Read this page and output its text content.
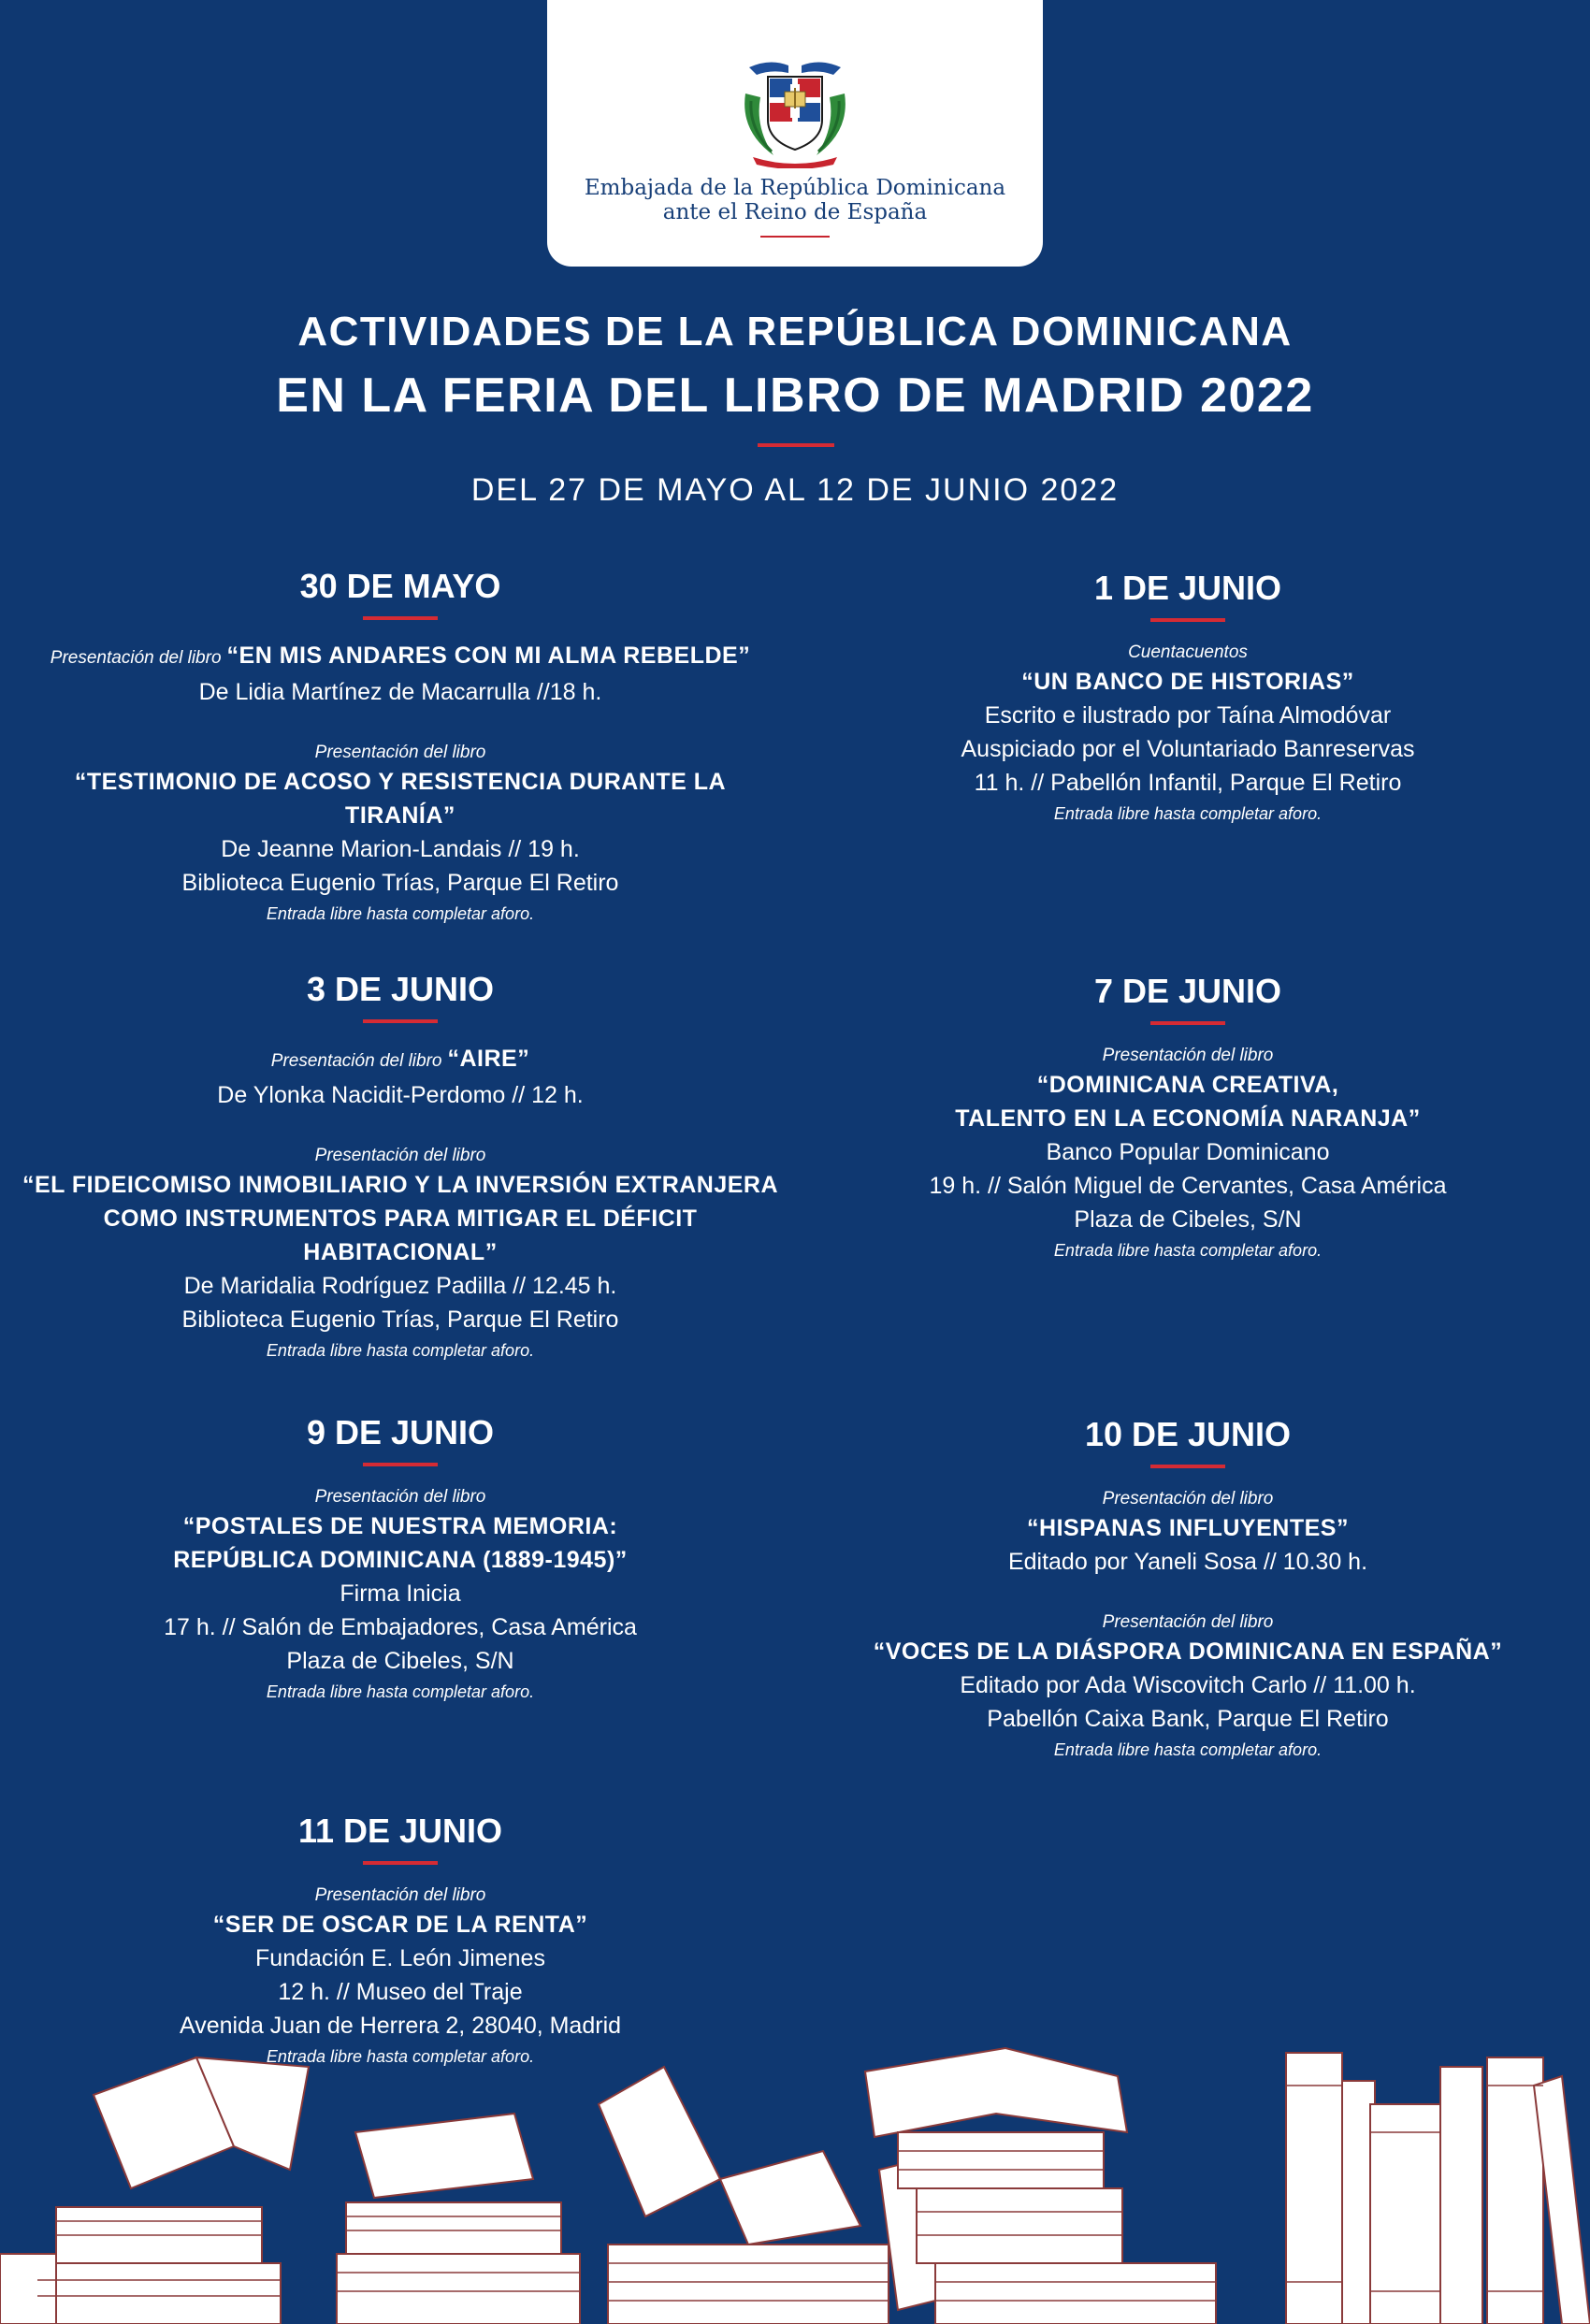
Embajada de la República Dominicana
ante el Reino de España
ACTIVIDADES DE LA REPÚBLICA DOMINICANA
EN LA FERIA DEL LIBRO DE MADRID 2022
DEL 27 DE MAYO AL 12 DE JUNIO 2022
30 DE MAYO
Presentación del libro “EN MIS ANDARES CON MI ALMA REBELDE”
De Lidia Martínez de Macarrulla //18 h.
Presentación del libro
“TESTIMONIO DE ACOSO Y RESISTENCIA DURANTE LA TIRANÍA”
De Jeanne Marion-Landais // 19 h.
Biblioteca Eugenio Trías, Parque El Retiro
Entrada libre hasta completar aforo.
1 DE JUNIO
Cuentacuentos
“UN BANCO DE HISTORIAS”
Escrito e ilustrado por Taína Almodóvar
Auspiciado por el Voluntariado Banreservas
11 h. // Pabellón Infantil, Parque El Retiro
Entrada libre hasta completar aforo.
3 DE JUNIO
Presentación del libro “AIRE”
De Ylonka Nacidit-Perdomo // 12 h.
Presentación del libro
“EL FIDEICOMISO INMOBILIARIO Y LA INVERSIÓN EXTRANJERA
COMO INSTRUMENTOS PARA MITIGAR EL DÉFICIT HABITACIONAL”
De Maridalia Rodríguez Padilla // 12.45 h.
Biblioteca Eugenio Trías, Parque El Retiro
Entrada libre hasta completar aforo.
7 DE JUNIO
Presentación del libro
“DOMINICANA CREATIVA,
TALENTO EN LA ECONOMÍA NARANJA”
Banco Popular Dominicano
19 h. // Salón Miguel de Cervantes, Casa América
Plaza de Cibeles, S/N
Entrada libre hasta completar aforo.
9 DE JUNIO
Presentación del libro
“POSTALES DE NUESTRA MEMORIA:
REPÚBLICA DOMINICANA (1889-1945)”
Firma Inicia
17 h. // Salón de Embajadores, Casa América
Plaza de Cibeles, S/N
Entrada libre hasta completar aforo.
10 DE JUNIO
Presentación del libro
“HISPANAS INFLUYENTES”
Editado por Yaneli Sosa // 10.30 h.
Presentación del libro
“VOCES DE LA DIÁSPORA DOMINICANA EN ESPAÑA”
Editado por Ada Wiscovitch Carlo // 11.00 h.
Pabellón Caixa Bank, Parque El Retiro
Entrada libre hasta completar aforo.
11 DE JUNIO
Presentación del libro
“SER DE OSCAR DE LA RENTA”
Fundación E. León Jimenes
12 h. // Museo del Traje
Avenida Juan de Herrera 2, 28040, Madrid
Entrada libre hasta completar aforo.
